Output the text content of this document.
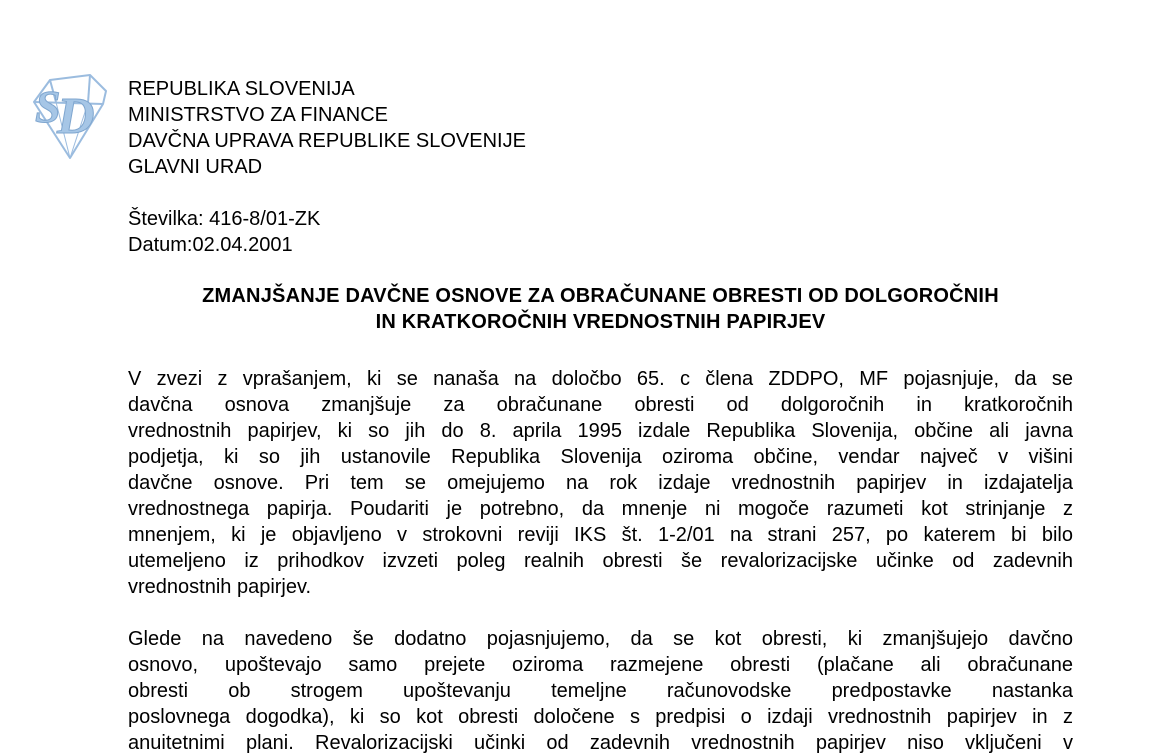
S
D REPUBLIKA SLOVENIJA
MINISTRSTVO ZA FINANCE
DAVČNA UPRAVA REPUBLIKE SLOVENIJE
GLAVNI URAD
Številka: 416-8/01-ZK
Datum:02.04.2001
ZMANJŠANJE DAVČNE OSNOVE ZA OBRAČUNANE OBRESTI OD DOLGOROČNIH
IN KRATKOROČNIH VREDNOSTNIH PAPIRJEV
V zvezi z vprašanjem, ki se nanaša na določbo 65. c člena ZDDPO, MF pojasnjuje, da se
davčna osnova zmanjšuje za obračunane obresti od dolgoročnih in kratkoročnih
vrednostnih papirjev, ki so jih do 8. aprila 1995 izdale Republika Slovenija, občine ali javna
podjetja, ki so jih ustanovile Republika Slovenija oziroma občine, vendar največ v višini
davčne osnove. Pri tem se omejujemo na rok izdaje vrednostnih papirjev in izdajatelja
vrednostnega papirja. Poudariti je potrebno, da mnenje ni mogoče razumeti kot strinjanje z
mnenjem, ki je objavljeno v strokovni reviji IKS št. 1-2/01 na strani 257, po katerem bi bilo
utemeljeno iz prihodkov izvzeti poleg realnih obresti še revalorizacijske učinke od zadevnih
vrednostnih papirjev.
Glede na navedeno še dodatno pojasnjujemo, da se kot obresti, ki zmanjšujejo davčno
osnovo, upoštevajo samo prejete oziroma razmejene obresti (plačane ali obračunane
obresti ob strogem upoštevanju temeljne računovodske predpostavke nastanka
poslovnega dogodka), ki so kot obresti določene s predpisi o izdaji vrednostnih papirjev in z
anuitetnimi plani. Revalorizacijski učinki od zadevnih vrednostnih papirjev niso vključeni v
